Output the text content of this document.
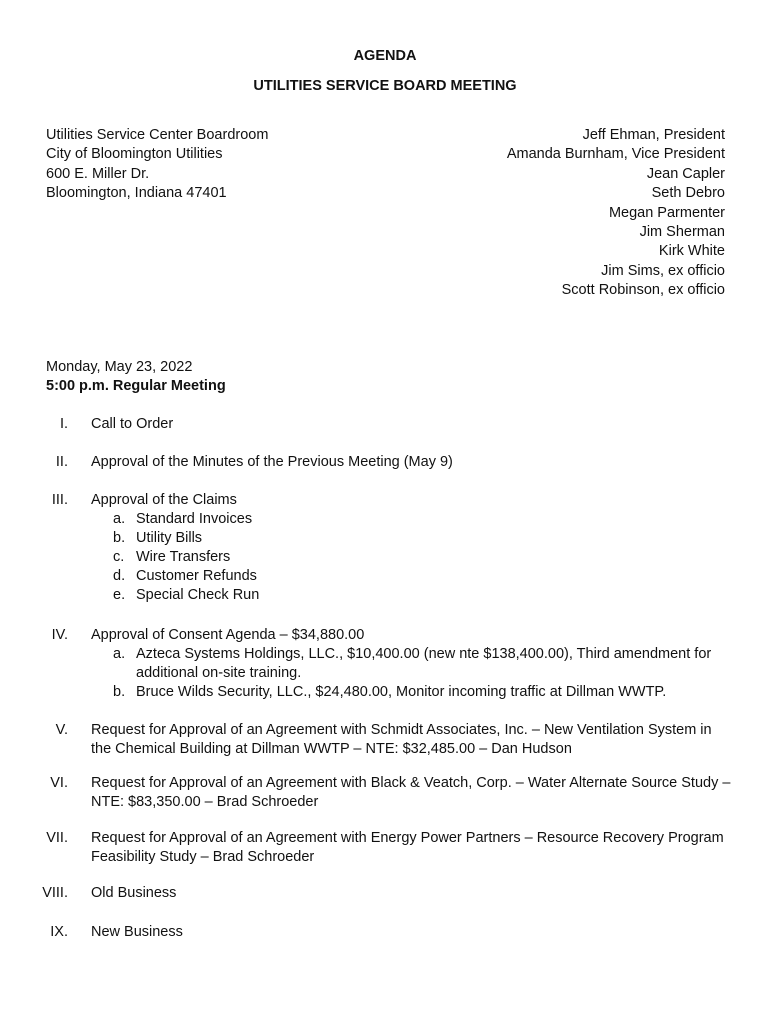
AGENDA
UTILITIES SERVICE BOARD MEETING
Utilities Service Center Boardroom
City of Bloomington Utilities
600 E. Miller Dr.
Bloomington, Indiana 47401
Jeff Ehman, President
Amanda Burnham, Vice President
Jean Capler
Seth Debro
Megan Parmenter
Jim Sherman
Kirk White
Jim Sims, ex officio
Scott Robinson, ex officio
Monday, May 23, 2022
5:00 p.m. Regular Meeting
I. Call to Order
II. Approval of the Minutes of the Previous Meeting (May 9)
III. Approval of the Claims
a. Standard Invoices
b. Utility Bills
c. Wire Transfers
d. Customer Refunds
e. Special Check Run
IV. Approval of Consent Agenda – $34,880.00
a. Azteca Systems Holdings, LLC., $10,400.00 (new nte $138,400.00), Third amendment for additional on-site training.
b. Bruce Wilds Security, LLC., $24,480.00, Monitor incoming traffic at Dillman WWTP.
V. Request for Approval of an Agreement with Schmidt Associates, Inc. – New Ventilation System in the Chemical Building at Dillman WWTP – NTE: $32,485.00 – Dan Hudson
VI. Request for Approval of an Agreement with Black & Veatch, Corp. – Water Alternate Source Study – NTE: $83,350.00 – Brad Schroeder
VII. Request for Approval of an Agreement with Energy Power Partners – Resource Recovery Program Feasibility Study – Brad Schroeder
VIII. Old Business
IX. New Business
